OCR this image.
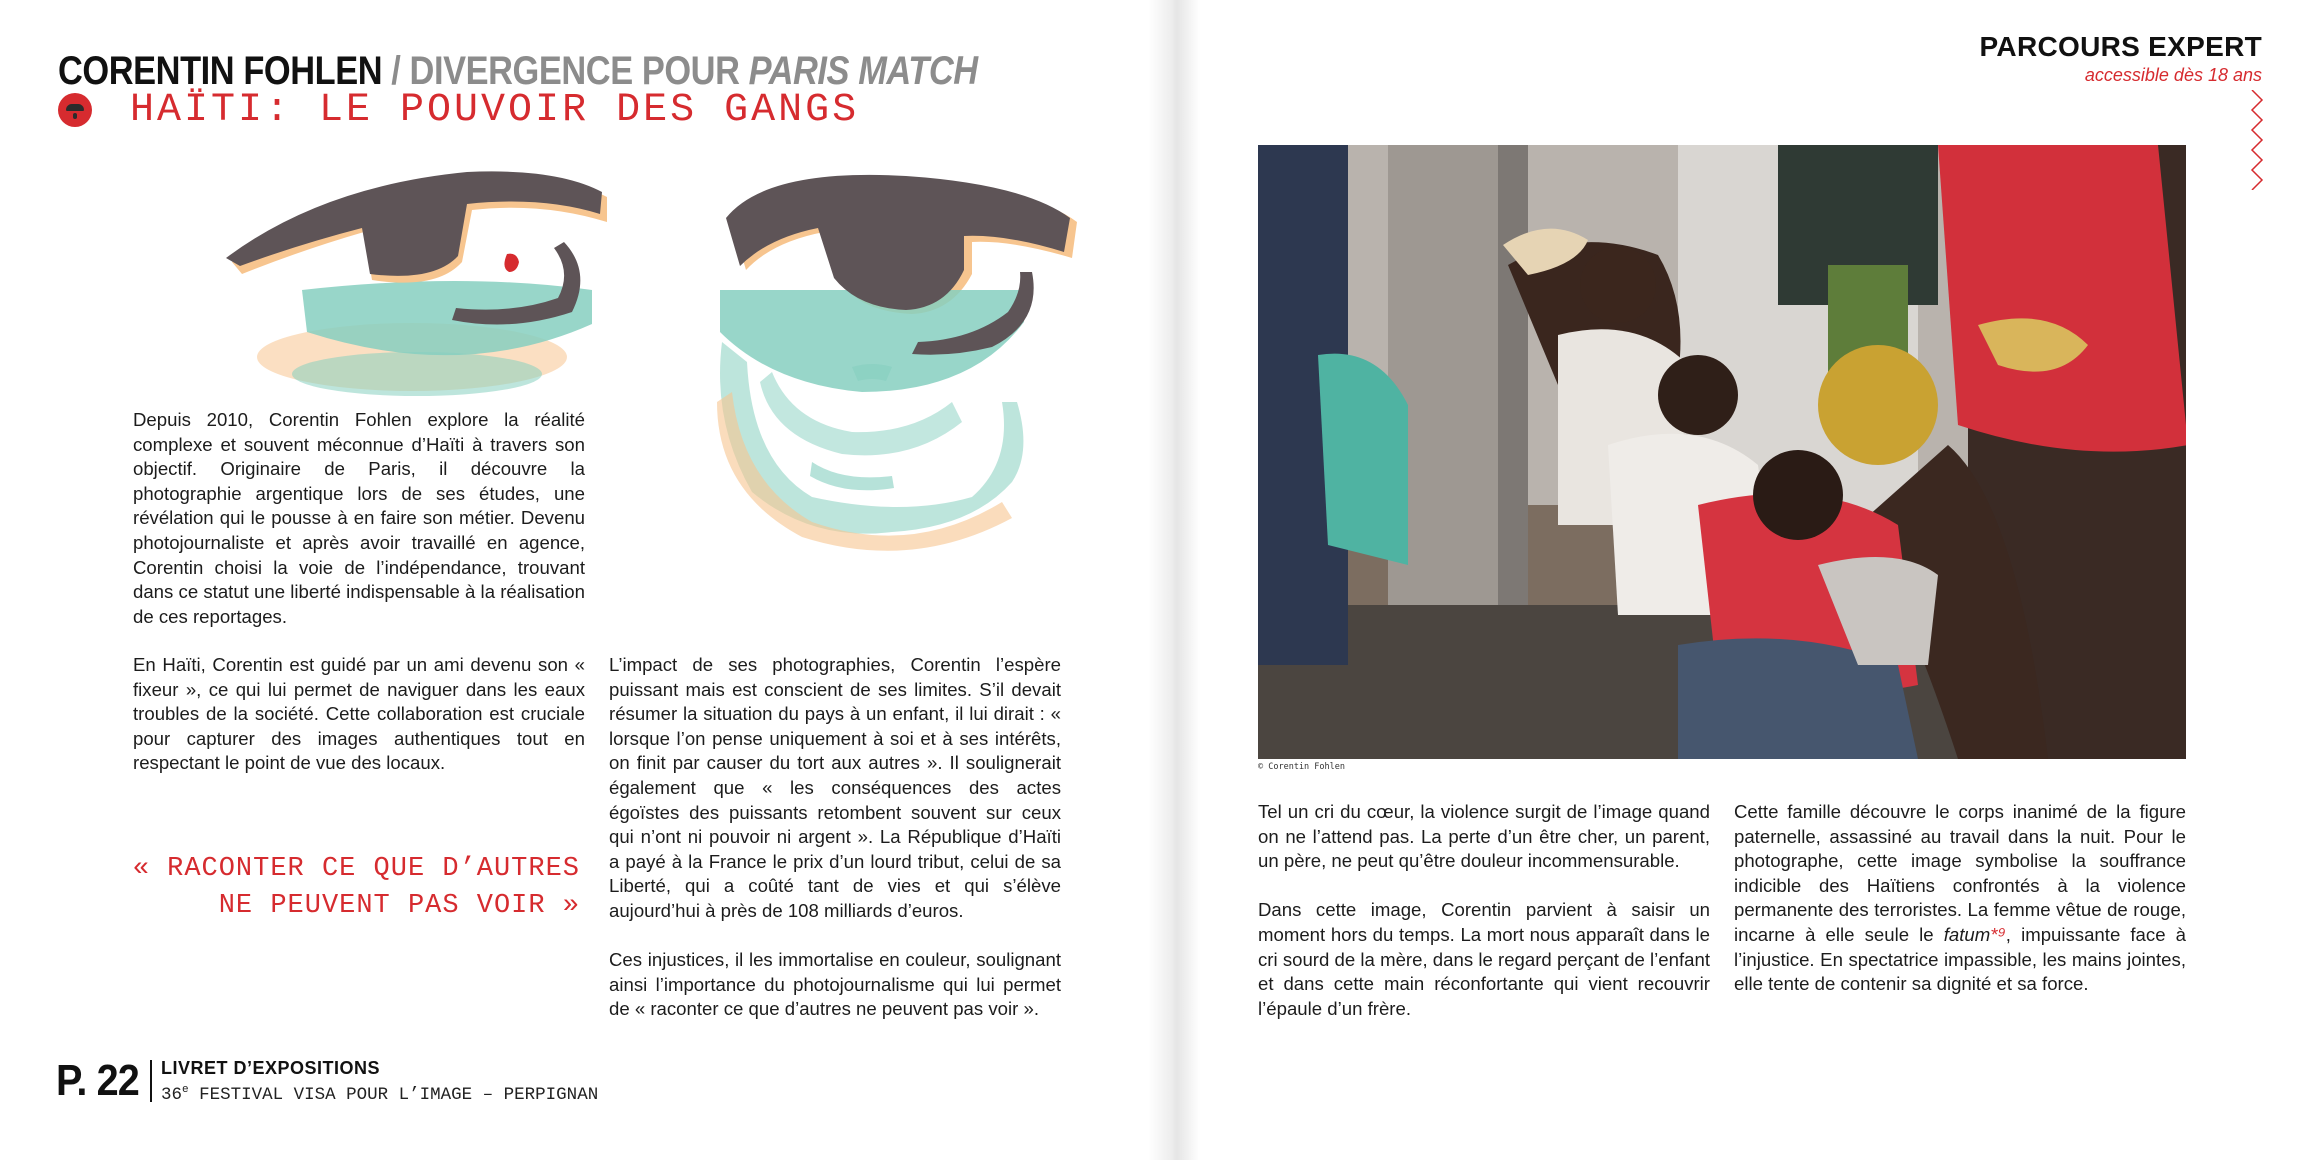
CORENTIN FOHLEN / DIVERGENCE POUR PARIS MATCH
HAÏTI: LE POUVOIR DES GANGS

Depuis 2010, Corentin Fohlen explore la réalité complexe et souvent méconnue d’Haïti à travers son objectif. Originaire de Paris, il découvre la photographie argentique lors de ses études, une révélation qui le pousse à en faire son métier. Devenu photojournaliste et après avoir travaillé en agence, Corentin choisi la voie de l’indépendance, trouvant dans ce statut une liberté indispensable à la réalisation de ces reportages.

En Haïti, Corentin est guidé par un ami devenu son « fixeur », ce qui lui permet de naviguer dans les eaux troubles de la société. Cette collaboration est cruciale pour capturer des images authentiques tout en respectant le point de vue des locaux.

L’impact de ses photographies, Corentin l’espère puissant mais est conscient de ses limites. S’il devait résumer la situation du pays à un enfant, il lui dirait : « lorsque l’on pense uniquement à soi et à ses intérêts, on finit par causer du tort aux autres ». Il soulignerait également que « les conséquences des actes égoïstes des puissants retombent souvent sur ceux qui n’ont ni pouvoir ni argent ». La République d’Haïti a payé à la France le prix d’un lourd tribut, celui de sa Liberté, qui a coûté tant de vies et qui s’élève aujourd’hui à près de 108 milliards d’euros.

Ces injustices, il les immortalise en couleur, soulignant ainsi l’importance du photojournalisme qui lui permet de « raconter ce que d’autres ne peuvent pas voir ».

« RACONTER CE QUE D’AUTRES
NE PEUVENT PAS VOIR »
P. 22 LIVRET D’EXPOSITIONS
36e FESTIVAL VISA POUR L’IMAGE – PERPIGNAN
PARCOURS EXPERT
accessible dès 18 ans
© Corentin Fohlen

Tel un cri du cœur, la violence surgit de l’image quand on ne l’attend pas. La perte d’un être cher, un parent, un père, ne peut qu’être douleur incommensurable.

Dans cette image, Corentin parvient à saisir un moment hors du temps. La mort nous apparaît dans le cri sourd de la mère, dans le regard perçant de l’enfant et dans cette main réconfortante qui vient recouvrir l’épaule d’un frère.

Cette famille découvre le corps inanimé de la figure paternelle, assassiné au travail dans la nuit. Pour le photographe, cette image symbolise la souffrance indicible des Haïtiens confrontés à la violence permanente des terroristes. La femme vêtue de rouge, incarne à elle seule le fatum*⁹, impuissante face à l’injustice. En spectatrice impassible, les mains jointes, elle tente de contenir sa dignité et sa force.
